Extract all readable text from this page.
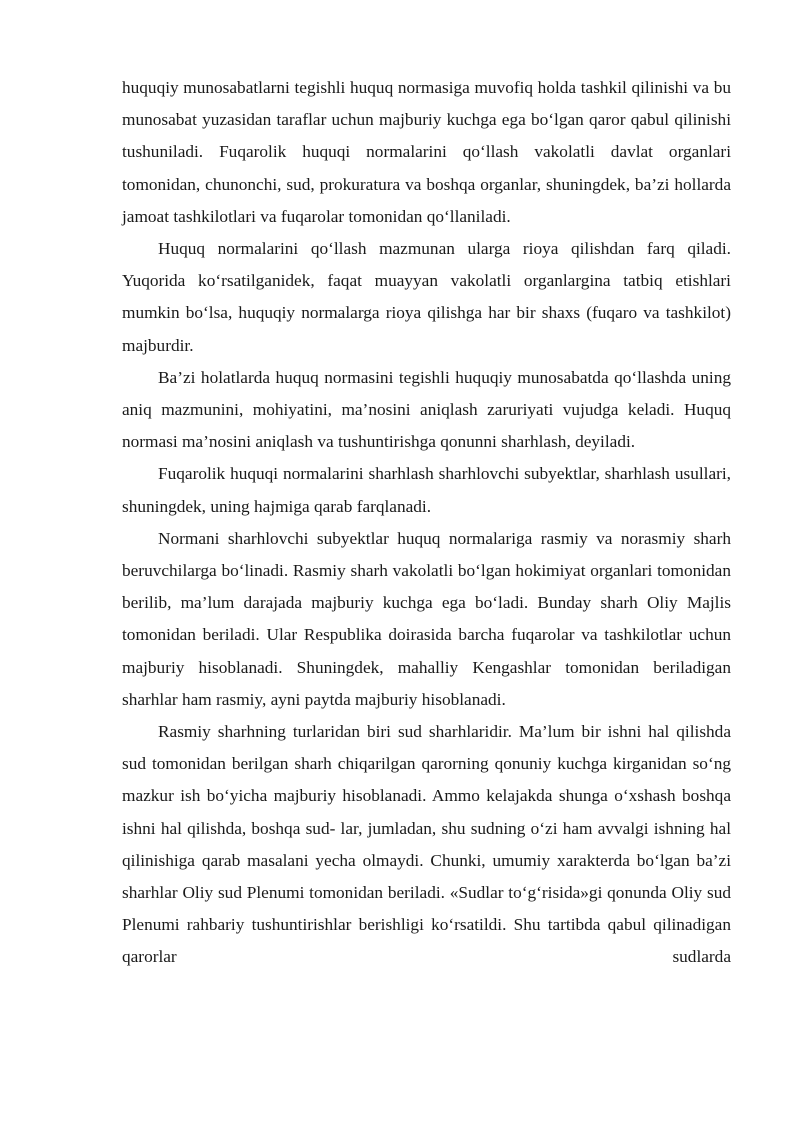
huquqiy munosabatlarni tegishli huquq normasiga muvofiq holda tashkil qilinishi va bu munosabat yuzasidan taraflar uchun majburiy kuchga ega bo‘lgan qaror qabul qilinishi tushuniladi. Fuqarolik huquqi normalarini qo‘llash vakolatli davlat organlari tomonidan, chunonchi, sud, prokuratura va boshqa organlar, shuningdek, ba’zi hollarda jamoat tashkilotlari va fuqarolar tomonidan qo‘llaniladi.

Huquq normalarini qo‘llash mazmunan ularga rioya qilishdan farq qiladi. Yuqorida ko‘rsatilganidek, faqat muayyan vakolatli organlargina tatbiq etishlari mumkin bo‘lsa, huquqiy normalarga rioya qilishga har bir shaxs (fuqaro va tashkilot) majburdir.

Ba’zi holatlarda huquq normasini tegishli huquqiy munosabatda qo‘llashda uning aniq mazmunini, mohiyatini, ma’nosini aniqlash zaruriyati vujudga keladi. Huquq normasi ma’nosini aniqlash va tushuntirishga qonunni sharhlash, deyiladi.

Fuqarolik huquqi normalarini sharhlash sharhlovchi subyektlar, sharhlash usullari, shuningdek, uning hajmiga qarab farqlanadi.

Normani sharhlovchi subyektlar huquq normalariga rasmiy va norasmiy sharh beruvchilarga bo‘linadi. Rasmiy sharh vakolatli bo‘lgan hokimiyat organlari tomonidan berilib, ma’lum darajada majburiy kuchga ega bo‘ladi. Bunday sharh Oliy Majlis tomonidan beriladi. Ular Respublika doirasida barcha fuqarolar va tashkilotlar uchun majburiy hisoblanadi. Shuningdek, mahalliy Kengashlar tomonidan beriladigan sharhlar ham rasmiy, ayni paytda majburiy hisoblanadi.

Rasmiy sharhning turlaridan biri sud sharhlaridir. Ma’lum bir ishni hal qilishda sud tomonidan berilgan sharh chiqarilgan qarorning qonuniy kuchga kirganidan so‘ng mazkur ish bo‘yicha majburiy hisoblanadi. Ammo kelajakda shunga o‘xshash boshqa ishni hal qilishda, boshqa sud- lar, jumladan, shu sudning o‘zi ham avvalgi ishning hal qilinishiga qarab masalani yecha olmaydi. Chunki, umumiy xarakterda bo‘lgan ba’zi sharhlar Oliy sud Plenumi tomonidan beriladi. «Sudlar to‘g‘risida»gi qonunda Oliy sud Plenumi rahbariy tushuntirishlar berishligi ko‘rsatildi. Shu tartibda qabul qilinadigan qarorlar sudlarda
